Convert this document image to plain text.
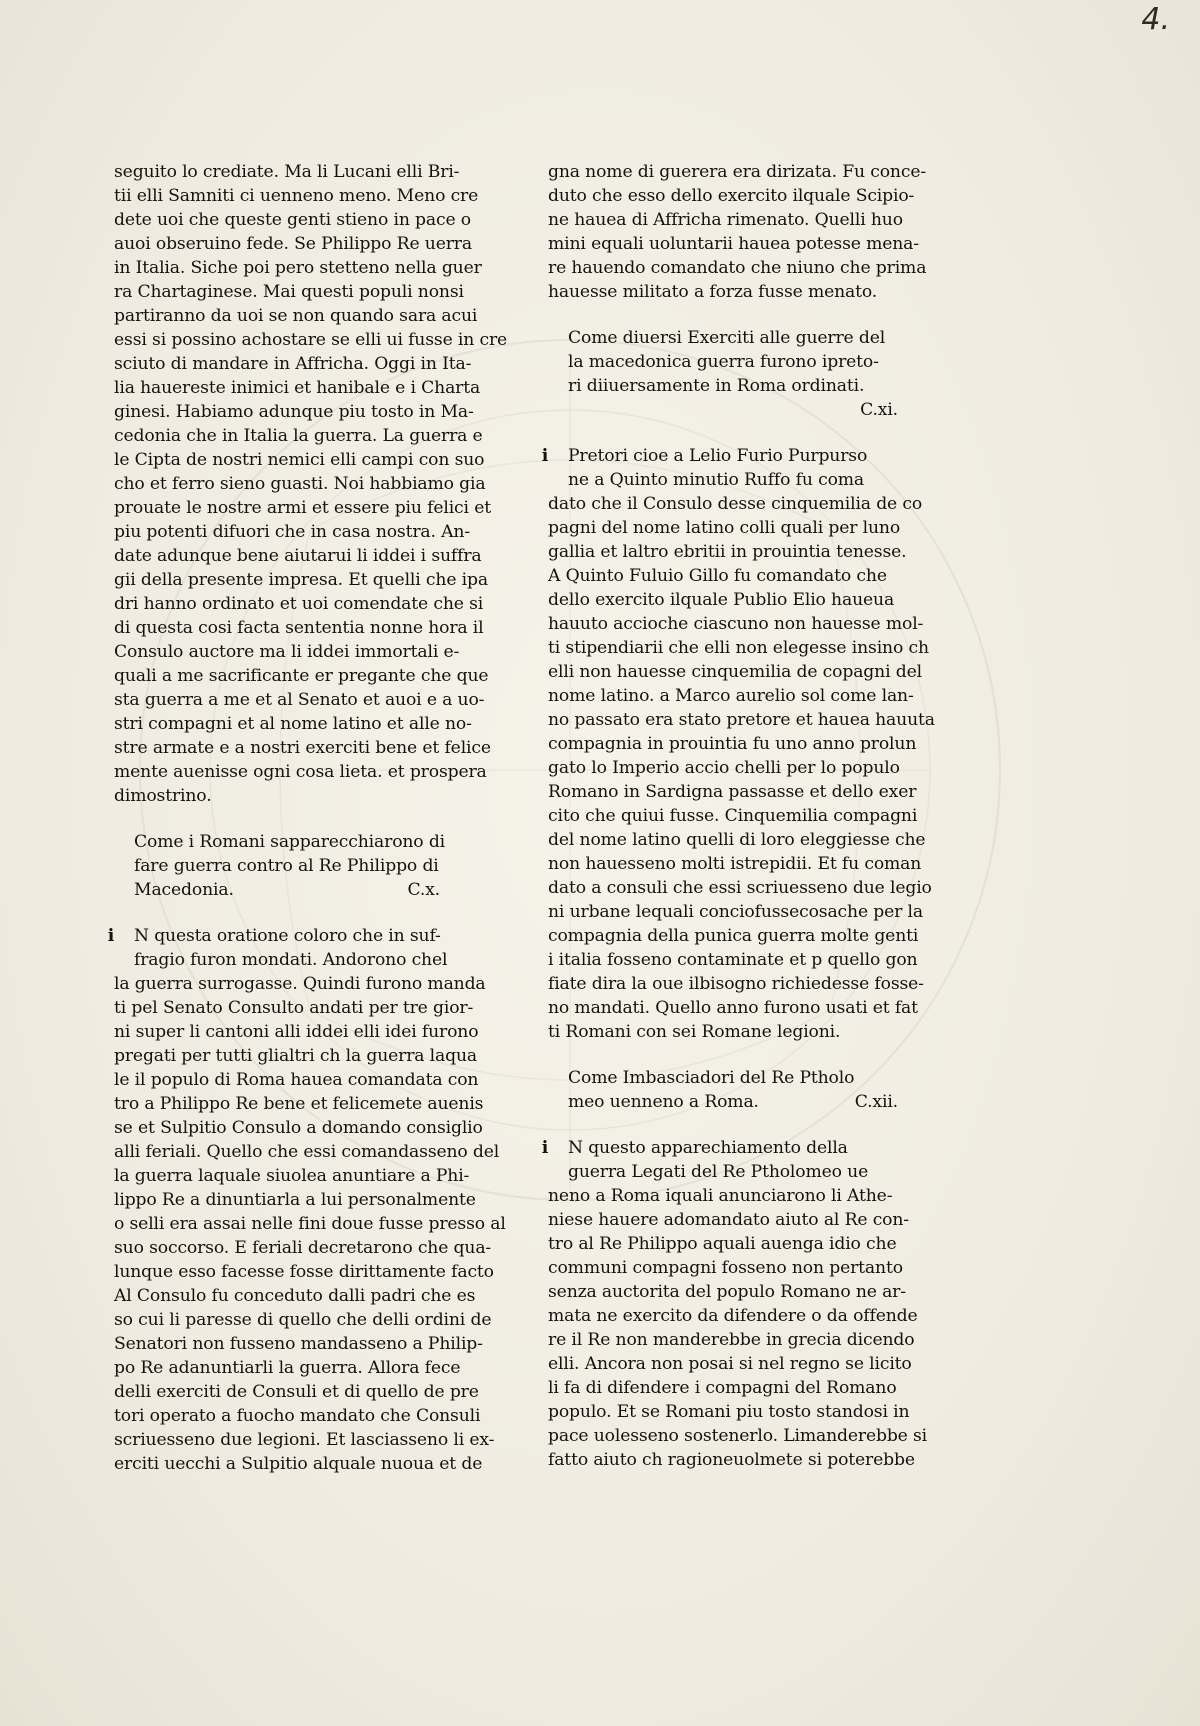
4.
seguito lo crediate. Ma li Lucani elli Bri-
tii elli Samniti ci uenneno meno. Meno cre
dete uoi che queste genti stieno in pace o
auoi obseruino fede. Se Philippo Re uerra
in Italia. Siche poi pero stetteno nella guer
ra Chartaginese. Mai questi populi nonsi
partiranno da uoi se non quando sara acui
essi si possino achostare se elli ui fusse in cre
sciuto di mandare in Affricha. Oggi in Ita-
lia hauereste inimici et hanibale e i Charta
ginesi. Habiamo adunque piu tosto in Ma-
cedonia che in Italia la guerra. La guerra e
le Cipta de nostri nemici elli campi con suo
cho et ferro sieno guasti. Noi habbiamo gia
prouate le nostre armi et essere piu felici et
piu potenti difuori che in casa nostra. An-
date adunque bene aiutarui li iddei i suffra
gii della presente impresa. Et quelli che ipa
dri hanno ordinato et uoi comendate che si
di questa cosi facta sententia nonne hora il
Consulo auctore ma li iddei immortali e-
quali a me sacrificante er pregante che que
sta guerra a me et al Senato et auoi e a uo-
stri compagni et al nome latino et alle no-
stre armate e a nostri exerciti bene et felice
mente auenisse ogni cosa lieta. et prospera
dimostrino.
Come i Romani sapparecchiarono di
fare guerra contro al Re Philippo di
Macedonia.	C.x.
i N questa oratione coloro che in suf-
fragio furon mondati. Andorono chel
la guerra surrogasse. Quindi furono manda
ti pel Senato Consulto andati per tre gior-
ni super li cantoni alli iddei elli idei furono
pregati per tutti glialtri ch la guerra laqua
le il populo di Roma hauea comandata con
tro a Philippo Re bene et felicemete auenis
se et Sulpitio Consulo a domando consiglio
alli feriali. Quello che essi comandasseno del
la guerra laquale siuolea anuntiare a Phi-
lippo Re a dinuntiarla a lui personalmente
o selli era assai nelle fini doue fusse presso al
suo soccorso. E feriali decretarono che qua-
lunque esso facesse fosse dirittamente facto
Al Consulo fu conceduto dalli padri che es
so cui li paresse di quello che delli ordini de
Senatori non fusseno mandasseno a Philip-
po Re adanuntiarli la guerra. Allora fece
delli exerciti de Consuli et di quello de pre
tori operato a fuocho mandato che Consuli
scriuesseno due legioni. Et lasciasseno li ex-
erciti uecchi a Sulpitio alquale nuoua et de
gna nome di guerera era dirizata. Fu conce-
duto che esso dello exercito ilquale Scipio-
ne hauea di Affricha rimenato. Quelli huo
mini equali uoluntarii hauea potesse mena-
re hauendo comandato che niuno che prima
hauesse militato a forza fusse menato.
Come diuersi Exerciti alle guerre del
la macedonica guerra furono ipreto-
ri diiuersamente in Roma ordinati.
C.xi.
i Pretori cioe a Lelio Furio Purpurso
ne a Quinto minutio Ruffo fu coma
dato che il Consulo desse cinquemilia de co
pagni del nome latino colli quali per luno
gallia et laltro ebritii in prouintia tenesse.
A Quinto Fuluio Gillo fu comandato che
dello exercito ilquale Publio Elio haueua
hauuto accioche ciascuno non hauesse mol-
ti stipendiarii che elli non elegesse insino ch
elli non hauesse cinquemilia de copagni del
nome latino. a Marco aurelio sol come lan-
no passato era stato pretore et hauea hauuta
compagnia in prouintia fu uno anno prolun
gato lo Imperio accio chelli per lo populo
Romano in Sardigna passasse et dello exer
cito che quiui fusse. Cinquemilia compagni
del nome latino quelli di loro eleggiesse che
non hauesseno molti istrepidii. Et fu coman
dato a consuli che essi scriuesseno due legio
ni urbane lequali conciofussecosache per la
compagnia della punica guerra molte genti
i italia fosseno contaminate et p quello gon
fiate dira la oue ilbisogno richiedesse fosse-
no mandati. Quello anno furono usati et fat
ti Romani con sei Romane legioni.
Come Imbasciadori del Re Ptholo
meo uenneno a Roma.	C.xii.
i N questo apparechiamento della
guerra Legati del Re Ptholomeo ue
neno a Roma iquali anunciarono li Athe-
niese hauere adomandato aiuto al Re con-
tro al Re Philippo aquali auenga idio che
communi compagni fosseno non pertanto
senza auctorita del populo Romano ne ar-
mata ne exercito da difendere o da offende
re il Re non manderebbe in grecia dicendo
elli. Ancora non posai si nel regno se licito
li fa di difendere i compagni del Romano
populo. Et se Romani piu tosto standosi in
pace uolesseno sostenerlo. Limanderebbe si
fatto aiuto ch ragioneuolmete si poterebbe
